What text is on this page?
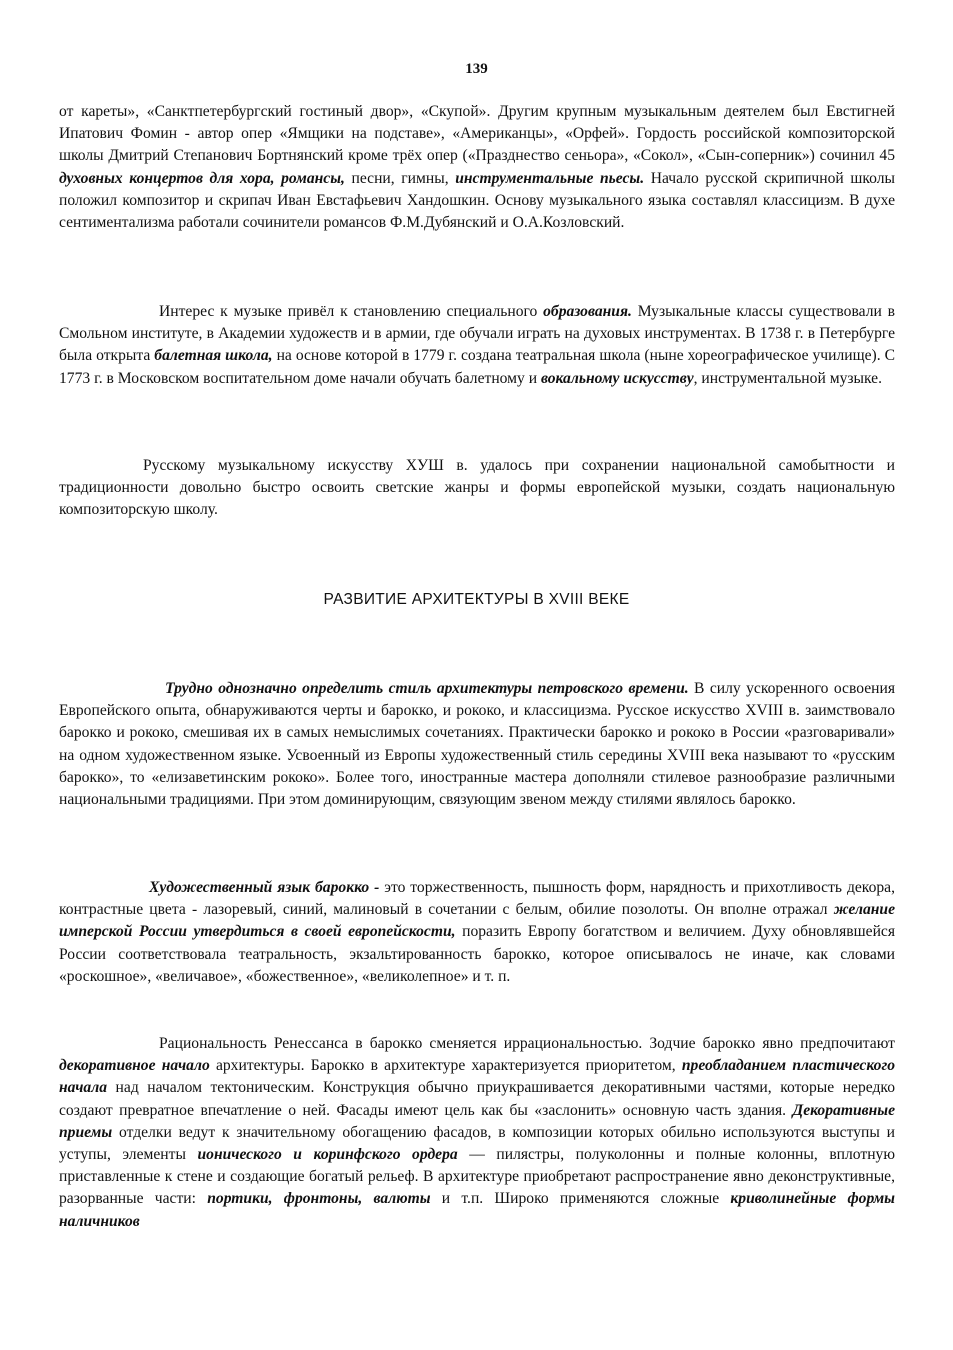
139

от кареты», «Санктпетербургский гостиный двор», «Скупой». Другим крупным музыкальным деятелем был Евстигней Ипатович Фомин - автор опер «Ямщики на подставе», «Американцы», «Орфей». Гордость российской композиторской школы Дмитрий Степанович Бортнянский кроме трёх опер («Празднество сеньора», «Сокол», «Сын-соперник») сочинил 45 духовных концертов для хора, романсы, песни, гимны, инструментальные пьесы. Начало русской скрипичной школы положил композитор и скрипач Иван Евстафьевич Хандошкин. Основу музыкального языка составлял классицизм. В духе сентиментализма работали сочинители романсов Ф.М.Дубянский и О.А.Козловский.

Интерес к музыке привёл к становлению специального образования. Музыкальные классы существовали в Смольном институте, в Академии художеств и в армии, где обучали играть на духовых инструментах. В 1738 г. в Петербурге была открыта балетная школа, на основе которой в 1779 г. создана театральная школа (ныне хореографическое училище). С 1773 г. в Московском воспитательном доме начали обучать балетному и вокальному искусству, инструментальной музыке.

Русскому музыкальному искусству ХУШ в. удалось при сохранении национальной самобытности и традиционности довольно быстро освоить светские жанры и формы европейской музыки, создать национальную композиторскую школу.

РАЗВИТИЕ АРХИТЕКТУРЫ В XVIII ВЕКЕ

Трудно однозначно определить стиль архитектуры петровского времени. В силу ускоренного освоения Европейского опыта, обнаруживаются черты и барокко, и рококо, и классицизма. Русское искусство XVIII в. заимствовало барокко и рококо, смешивая их в самых немыслимых сочетаниях. Практически барокко и рококо в России «разговаривали» на одном художественном языке. Усвоенный из Европы художественный стиль середины XVIII века называют то «русским барокко», то «елизаветинским рококо». Более того, иностранные мастера дополняли стилевое разнообразие различными национальными традициями. При этом доминирующим, связующим звеном между стилями являлось барокко.

Художественный язык барокко - это торжественность, пышность форм, нарядность и прихотливость декора, контрастные цвета - лазоревый, синий, малиновый в сочетании с белым, обилие позолоты. Он вполне отражал желание имперской России утвердиться в своей европейскости, поразить Европу богатством и величием. Духу обновлявшейся России соответствовала театральность, экзальтированность барокко, которое описывалось не иначе, как словами «роскошное», «величавое», «божественное», «великолепное» и т. п.

Рациональность Ренессанса в барокко сменяется иррациональностью. Зодчие барокко явно предпочитают декоративное начало архитектуры. Барокко в архитектуре характеризуется приоритетом, преобладанием пластического начала над началом тектоническим. Конструкция обычно приукрашивается декоративными частями, которые нередко создают превратное впечатление о ней. Фасады имеют цель как бы «заслонить» основную часть здания. Декоративные приемы отделки ведут к значительному обогащению фасадов, в композиции которых обильно используются выступы и уступы, элементы ионического и коринфского ордера — пилястры, полуколонны и полные колонны, вплотную приставленные к стене и создающие богатый рельеф. В архитектуре приобретают распространение явно деконструктивные, разорванные части: портики, фронтоны, валюты и т.п. Широко применяются сложные криволинейные формы наличников
